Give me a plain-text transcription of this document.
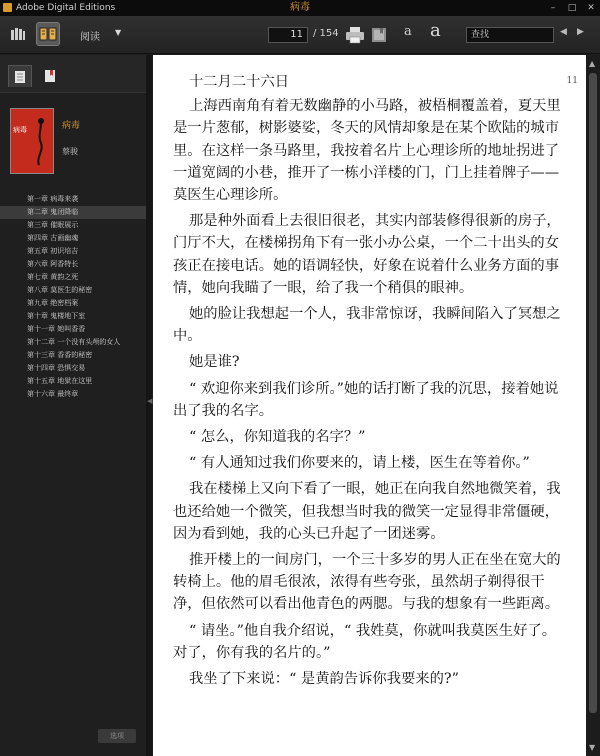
Adobe Digital Editions	病毒	–	□ ✕
阅读 ▼	11	/ 154	a a	查找	◀ ▶
病毒	病毒
蔡骏
第一章 病毒来袭
第二章 鬼闭降临
第三章 催眠展示
第四章 古画幽魂
第五章 初识培吉
第六章 阿香特长
第七章 黄韵之死
第八章 莫医生的秘密
第九章 绝密档案
第十章 鬼楼地下室
第十一章 她叫香香
第十二章 一个没有头颅的女人
第十三章 香香的秘密
第十四章 恐惧交易
第十五章 地狱在这里
第十六章 最终章
选项
◀
11
十二月二十六日

上海西南角有着无数幽静的小马路，被梧桐覆盖着，夏天里是一片葱郁，树影婆娑，冬天的风情却象是在某个欧陆的城市里。在这样一条马路里，我按着名片上心理诊所的地址拐进了一道宽阔的小巷，推开了一栋小洋楼的门，门上挂着牌子——莫医生心理诊所。

那是种外面看上去很旧很老，其实内部装修得很新的房子，门厅不大，在楼梯拐角下有一张小办公桌，一个二十出头的女孩正在接电话。她的语调轻快，好象在说着什么业务方面的事情，她向我瞄了一眼，给了我一个稍俱的眼神。

她的脸让我想起一个人，我非常惊讶，我瞬间陷入了冥想之中。

她是谁?

“ 欢迎你来到我们诊所。”她的话打断了我的沉思，接着她说出了我的名字。

“ 怎么，你知道我的名字？”

“ 有人通知过我们你要来的，请上楼，医生在等着你。”

我在楼梯上又向下看了一眼，她正在向我自然地微笑着，我也还给她一个微笑，但我想当时我的微笑一定显得非常僵硬，因为看到她，我的心头已升起了一团迷雾。

推开楼上的一间房门，一个三十多岁的男人正在坐在宽大的转椅上。他的眉毛很浓，浓得有些夸张，虽然胡子剃得很干净，但依然可以看出他青色的两腮。与我的想象有一些距离。

“ 请坐。”他自我介绍说，“ 我姓莫，你就叫我莫医生好了。对了，你有我的名片的。”

我坐了下来说：“ 是黄韵告诉你我要来的?”

▲
▼
